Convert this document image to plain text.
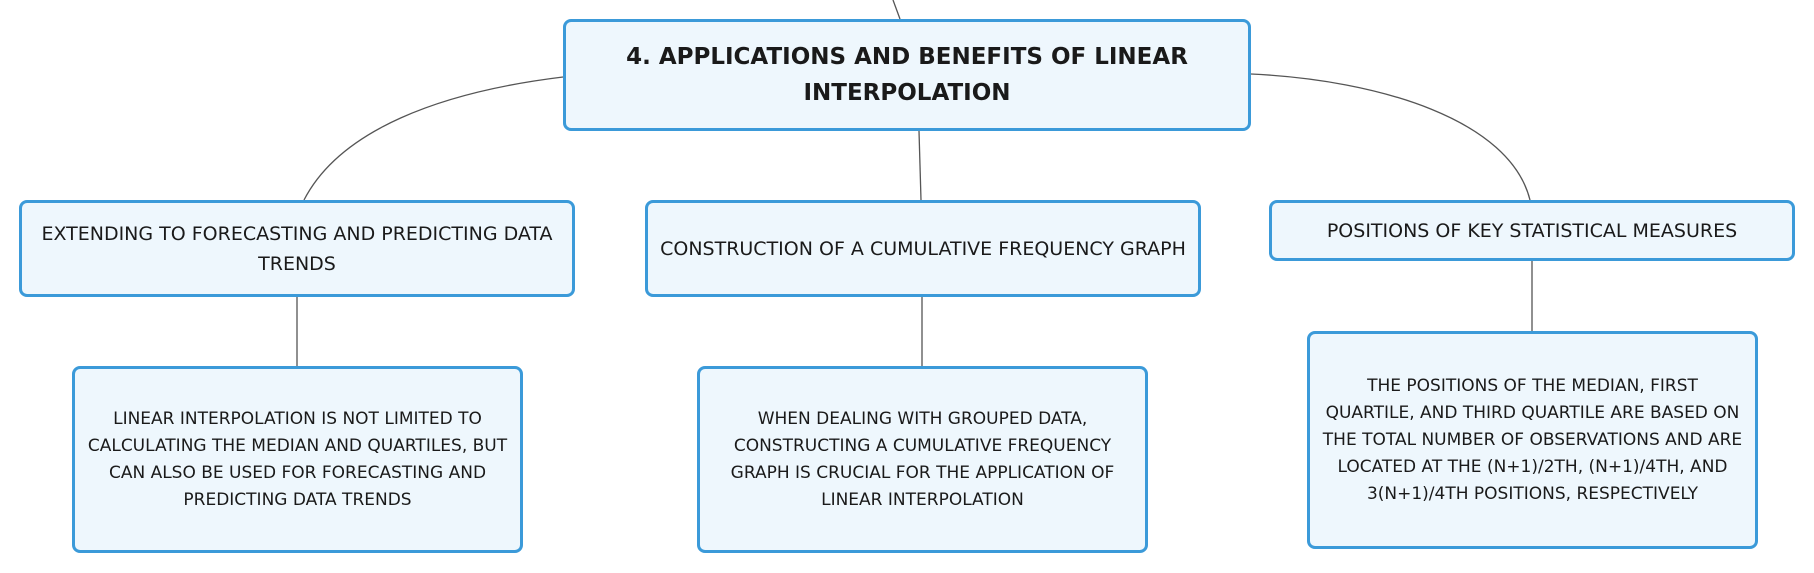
4. APPLICATIONS AND BENEFITS OF LINEAR INTERPOLATION
EXTENDING TO FORECASTING AND PREDICTING DATA TRENDS
CONSTRUCTION OF A CUMULATIVE FREQUENCY GRAPH
POSITIONS OF KEY STATISTICAL MEASURES
LINEAR INTERPOLATION IS NOT LIMITED TO CALCULATING THE MEDIAN AND QUARTILES, BUT CAN ALSO BE USED FOR FORECASTING AND PREDICTING DATA TRENDS
WHEN DEALING WITH GROUPED DATA, CONSTRUCTING A CUMULATIVE FREQUENCY GRAPH IS CRUCIAL FOR THE APPLICATION OF LINEAR INTERPOLATION
THE POSITIONS OF THE MEDIAN, FIRST QUARTILE, AND THIRD QUARTILE ARE BASED ON THE TOTAL NUMBER OF OBSERVATIONS AND ARE LOCATED AT THE (N+1)/2TH, (N+1)/4TH, AND 3(N+1)/4TH POSITIONS, RESPECTIVELY
